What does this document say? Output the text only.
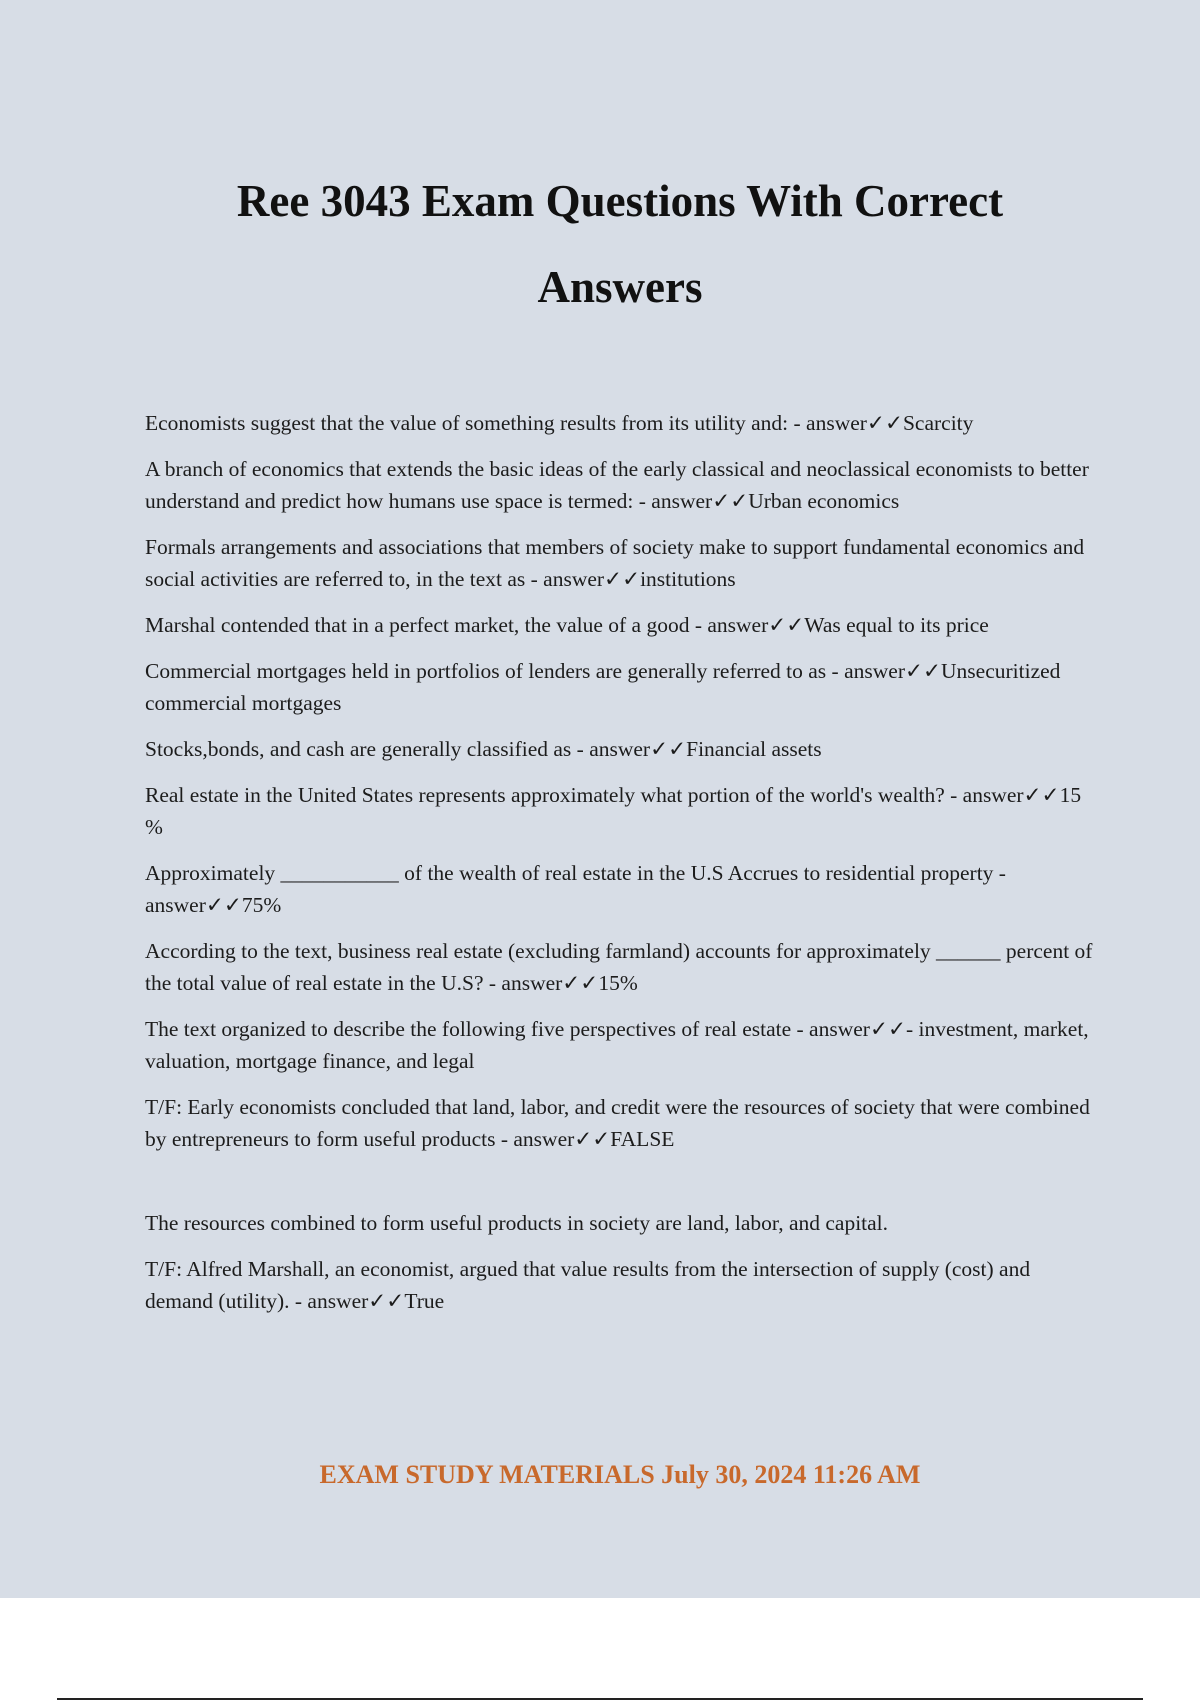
Ree 3043 Exam Questions With Correct Answers

Economists suggest that the value of something results from its utility and: - answer✓✓Scarcity

A branch of economics that extends the basic ideas of the early classical and neoclassical economists to better understand and predict how humans use space is termed: - answer✓✓Urban economics

Formals arrangements and associations that members of society make to support fundamental economics and social activities are referred to, in the text as - answer✓✓institutions

Marshal contended that in a perfect market, the value of a good - answer✓✓Was equal to its price

Commercial mortgages held in portfolios of lenders are generally referred to as - answer✓✓Unsecuritized commercial mortgages

Stocks,bonds, and cash are generally classified as - answer✓✓Financial assets

Real estate in the United States represents approximately what portion of the world's wealth? - answer✓✓15 %

Approximately ___________ of the wealth of real estate in the U.S Accrues to residential property - answer✓✓75%

According to the text, business real estate (excluding farmland) accounts for approximately ______ percent of the total value of real estate in the U.S? - answer✓✓15%

The text organized to describe the following five perspectives of real estate - answer✓✓- investment, market, valuation, mortgage finance, and legal

T/F: Early economists concluded that land, labor, and credit were the resources of society that were combined by entrepreneurs to form useful products - answer✓✓FALSE

The resources combined to form useful products in society are land, labor, and capital.

T/F: Alfred Marshall, an economist, argued that value results from the intersection of supply (cost) and demand (utility). - answer✓✓True

EXAM STUDY MATERIALS July 30, 2024 11:26 AM
